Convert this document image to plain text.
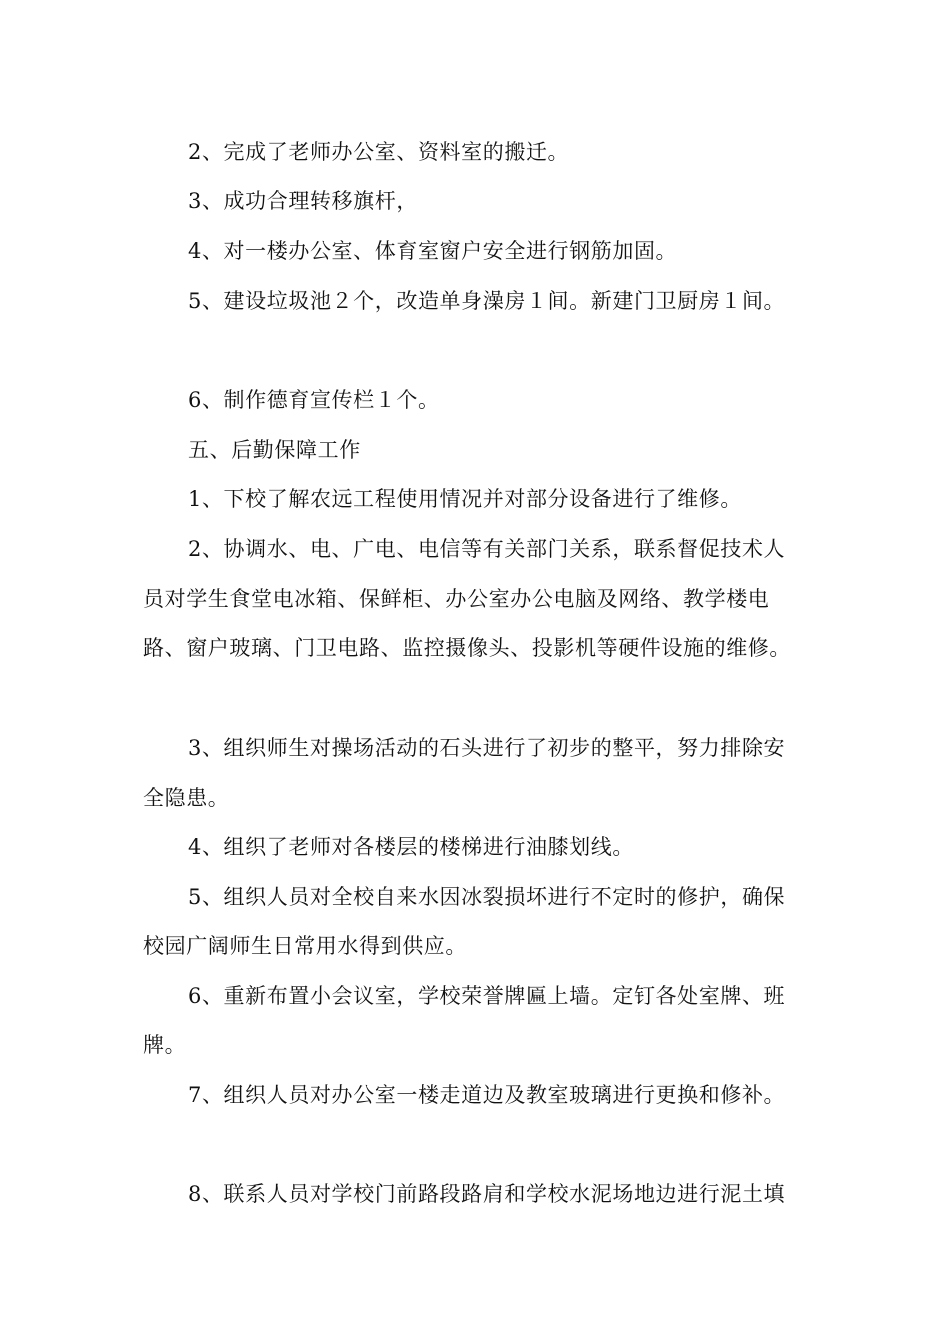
2、完成了老师办公室、资料室的搬迁。
3、成功合理转移旗杆，
4、对一楼办公室、体育室窗户安全进行钢筋加固。
5、建设垃圾池２个，改造单身澡房１间。新建门卫厨房１间。
6、制作德育宣传栏１个。
五、后勤保障工作
1、下校了解农远工程使用情况并对部分设备进行了维修。
2、协调水、电、广电、电信等有关部门关系，联系督促技术人
员对学生食堂电冰箱、保鲜柜、办公室办公电脑及网络、教学楼电
路、窗户玻璃、门卫电路、监控摄像头、投影机等硬件设施的维修。
3、组织师生对操场活动的石头进行了初步的整平，努力排除安
全隐患。
4、组织了老师对各楼层的楼梯进行油膝划线。
5、组织人员对全校自来水因冰裂损坏进行不定时的修护，确保
校园广阔师生日常用水得到供应。
6、重新布置小会议室，学校荣誉牌匾上墙。定钉各处室牌、班
牌。
7、组织人员对办公室一楼走道边及教室玻璃进行更换和修补。
8、联系人员对学校门前路段路肩和学校水泥场地边进行泥土填
